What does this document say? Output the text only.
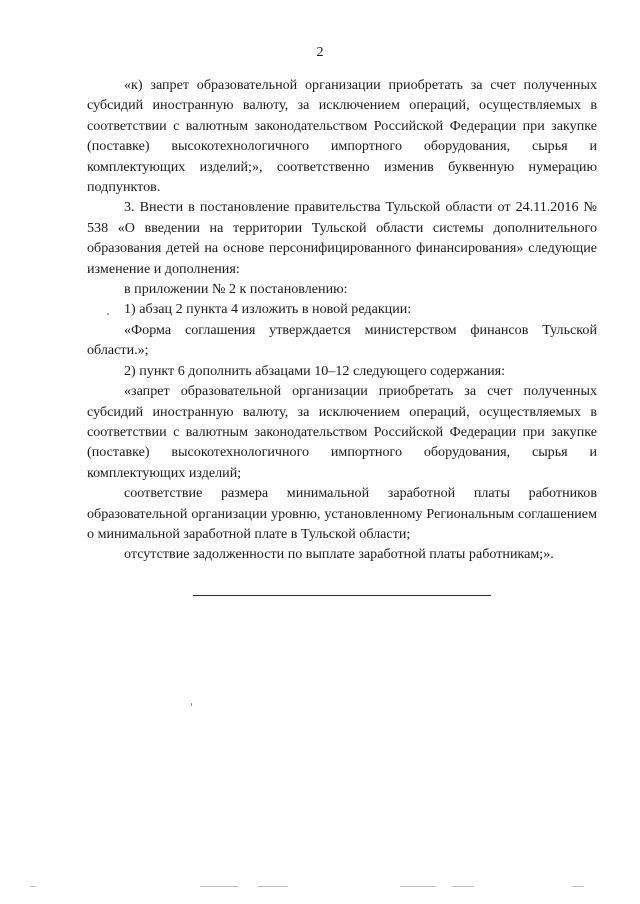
2

«к) запрет образовательной организации приобретать за счет полученных субсидий иностранную валюту, за исключением операций, осуществляемых в соответствии с валютным законодательством Российской Федерации при закупке (поставке) высокотехнологичного импортного оборудования, сырья и комплектующих изделий;», соответственно изменив буквенную нумерацию подпунктов.

3. Внести в постановление правительства Тульской области от 24.11.2016 № 538 «О введении на территории Тульской области системы дополнительного образования детей на основе персонифицированного финансирования» следующие изменение и дополнения:

в приложении № 2 к постановлению:

1) абзац 2 пункта 4 изложить в новой редакции:

«Форма соглашения утверждается министерством финансов Тульской области.»;

2) пункт 6 дополнить абзацами 10–12 следующего содержания:

«запрет образовательной организации приобретать за счет полученных субсидий иностранную валюту, за исключением операций, осуществляемых в соответствии с валютным законодательством Российской Федерации при закупке (поставке) высокотехнологичного импортного оборудования, сырья и комплектующих изделий;

соответствие размера минимальной заработной платы работников образовательной организации уровню, установленному Региональным соглашением о минимальной заработной плате в Тульской области;

отсутствие задолженности по выплате заработной платы работникам;».
